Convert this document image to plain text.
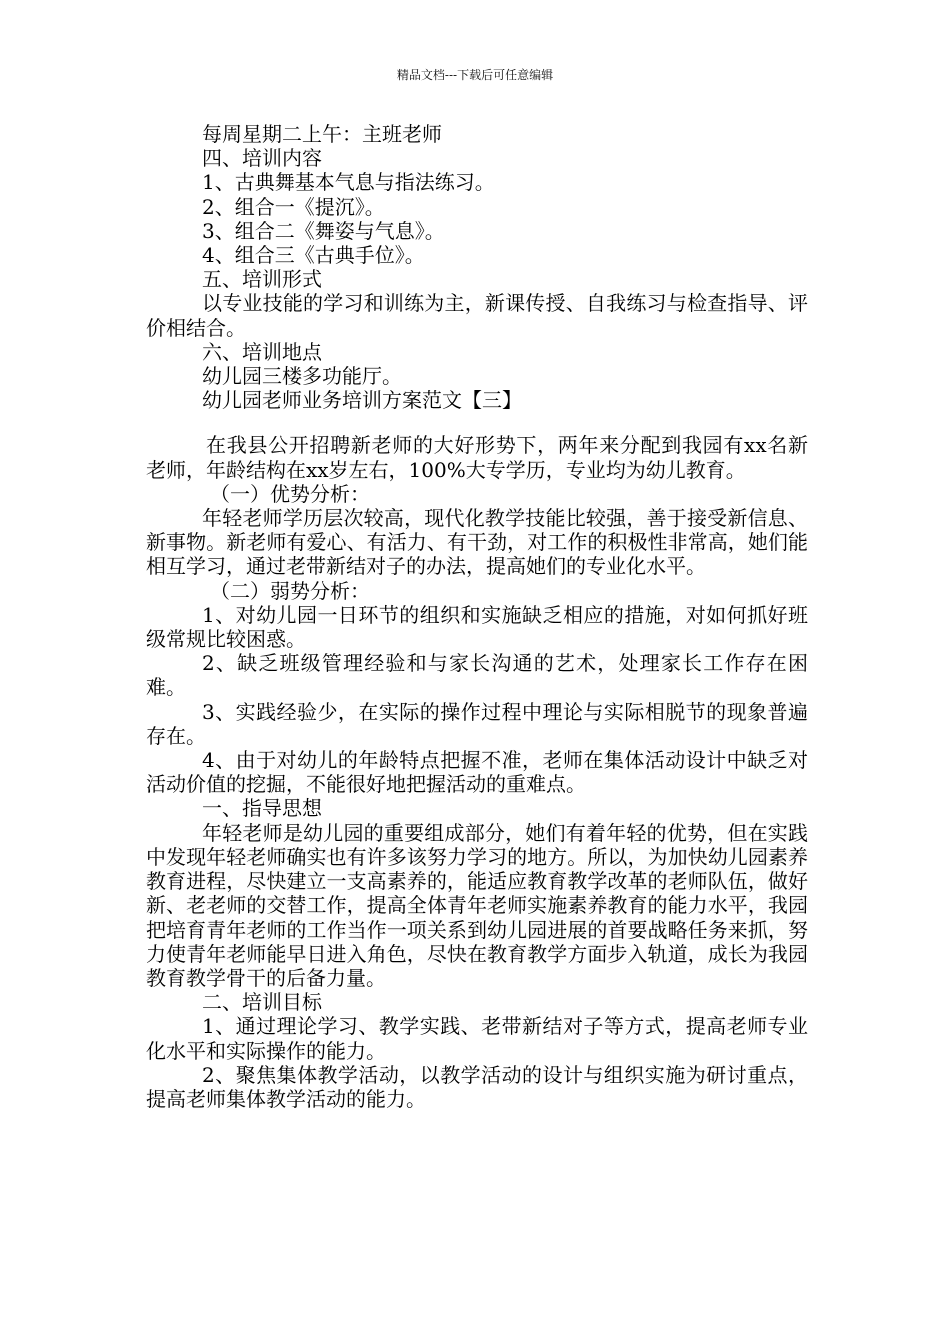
精品文档---下载后可任意编辑
每周星期二上午：主班老师
四、培训内容
1、古典舞基本气息与指法练习。
2、组合一《提沉》。
3、组合二《舞姿与气息》。
4、组合三《古典手位》。
五、培训形式

以专业技能的学习和训练为主，新课传授、自我练习与检查指导、评价相结合。

六、培训地点
幼儿园三楼多功能厅。
幼儿园老师业务培训方案范文【三】

在我县公开招聘新老师的大好形势下，两年来分配到我园有xx名新老师，年龄结构在xx岁左右，100%大专学历，专业均为幼儿教育。

（一）优势分析：

年轻老师学历层次较高，现代化教学技能比较强，善于接受新信息、新事物。新老师有爱心、有活力、有干劲，对工作的积极性非常高，她们能相互学习，通过老带新结对子的办法，提高她们的专业化水平。

（二）弱势分析：

1、对幼儿园一日环节的组织和实施缺乏相应的措施，对如何抓好班级常规比较困惑。

2、缺乏班级管理经验和与家长沟通的艺术，处理家长工作存在困难。

3、实践经验少，在实际的操作过程中理论与实际相脱节的现象普遍存在。

4、由于对幼儿的年龄特点把握不准，老师在集体活动设计中缺乏对活动价值的挖掘，不能很好地把握活动的重难点。

一、指导思想

年轻老师是幼儿园的重要组成部分，她们有着年轻的优势，但在实践中发现年轻老师确实也有许多该努力学习的地方。所以，为加快幼儿园素养教育进程，尽快建立一支高素养的，能适应教育教学改革的老师队伍，做好新、老老师的交替工作，提高全体青年老师实施素养教育的能力水平，我园把培育青年老师的工作当作一项关系到幼儿园进展的首要战略任务来抓，努力使青年老师能早日进入角色，尽快在教育教学方面步入轨道，成长为我园教育教学骨干的后备力量。

二、培训目标

1、通过理论学习、教学实践、老带新结对子等方式，提高老师专业化水平和实际操作的能力。

2、聚焦集体教学活动，以教学活动的设计与组织实施为研讨重点，提高老师集体教学活动的能力。
